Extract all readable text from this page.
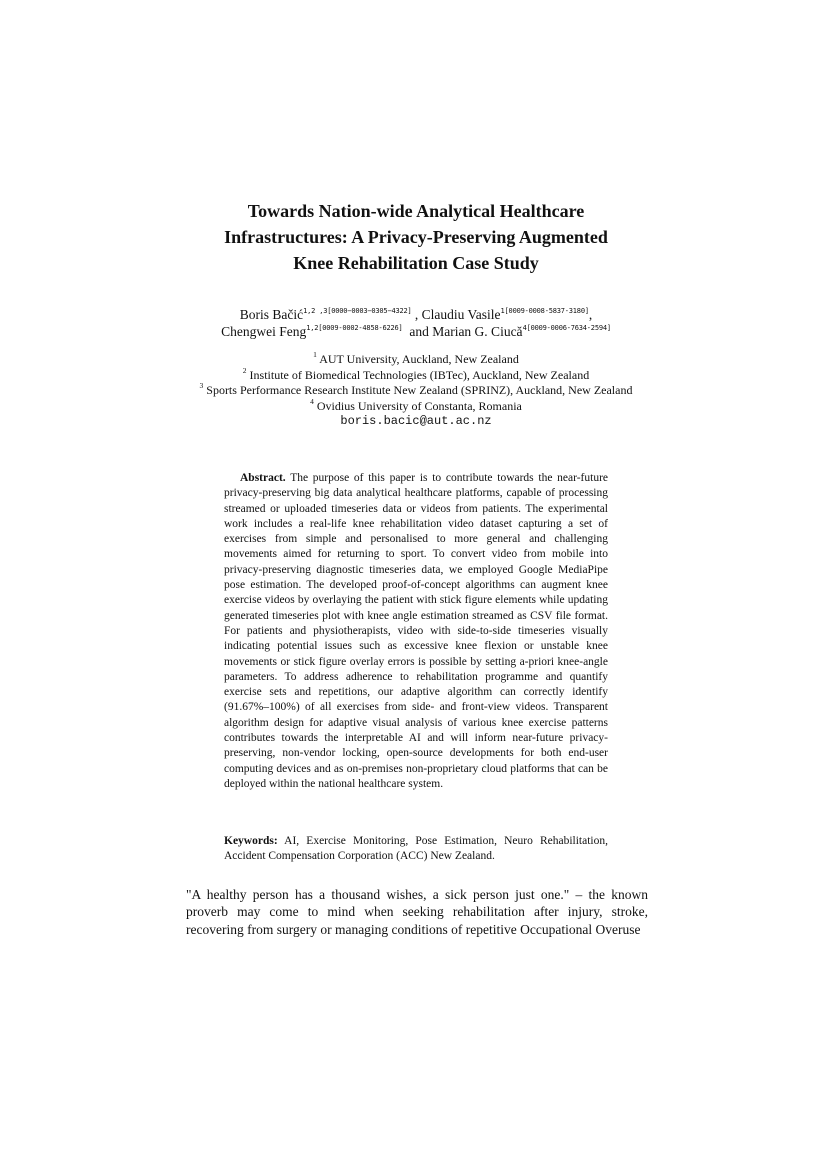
Towards Nation-wide Analytical Healthcare
Infrastructures: A Privacy-Preserving Augmented
Knee Rehabilitation Case Study
Boris Bačić$^{1,2 ,3[0000-0003-0305-4322]}$ , Claudiu Vasile$^{1[0009-0008-5837-3180]}$,
Chengwei Feng$^{1,2[0009-0002-4858-6226]}$  and Marian G. Ciucă$^{4[0009-0006-7634-2594]}$
$^1$ AUT University, Auckland, New Zealand
$^2$ Institute of Biomedical Technologies (IBTec), Auckland, New Zealand
$^3$ Sports Performance Research Institute New Zealand (SPRINZ), Auckland, New Zealand
$^4$ Ovidius University of Constanta, Romania
boris.bacic@aut.ac.nz
Abstract. The purpose of this paper is to contribute towards the near-future privacy-preserving big data analytical healthcare platforms, capable of processing streamed or uploaded timeseries data or videos from patients. The experimental work includes a real-life knee rehabilitation video dataset capturing a set of exercises from simple and personalised to more general and challenging movements aimed for returning to sport. To convert video from mobile into privacy-preserving diagnostic timeseries data, we employed Google MediaPipe pose estimation. The developed proof-of-concept algorithms can augment knee exercise videos by overlaying the patient with stick figure elements while updating generated timeseries plot with knee angle estimation streamed as CSV file format. For patients and physiotherapists, video with side-to-side timeseries visually indicating potential issues such as excessive knee flexion or unstable knee movements or stick figure overlay errors is possible by setting a-priori knee-angle parameters. To address adherence to rehabilitation programme and quantify exercise sets and repetitions, our adaptive algorithm can correctly identify (91.67%–100%) of all exercises from side- and front-view videos. Transparent algorithm design for adaptive visual analysis of various knee exercise patterns contributes towards the interpretable AI and will inform near-future privacy-preserving, non-vendor locking, open-source developments for both end-user computing devices and as on-premises non-proprietary cloud platforms that can be deployed within the national healthcare system.
Keywords: AI, Exercise Monitoring, Pose Estimation, Neuro Rehabilitation, Accident Compensation Corporation (ACC) New Zealand.
"A healthy person has a thousand wishes, a sick person just one." – the known proverb may come to mind when seeking rehabilitation after injury, stroke, recovering from surgery or managing conditions of repetitive Occupational Overuse
